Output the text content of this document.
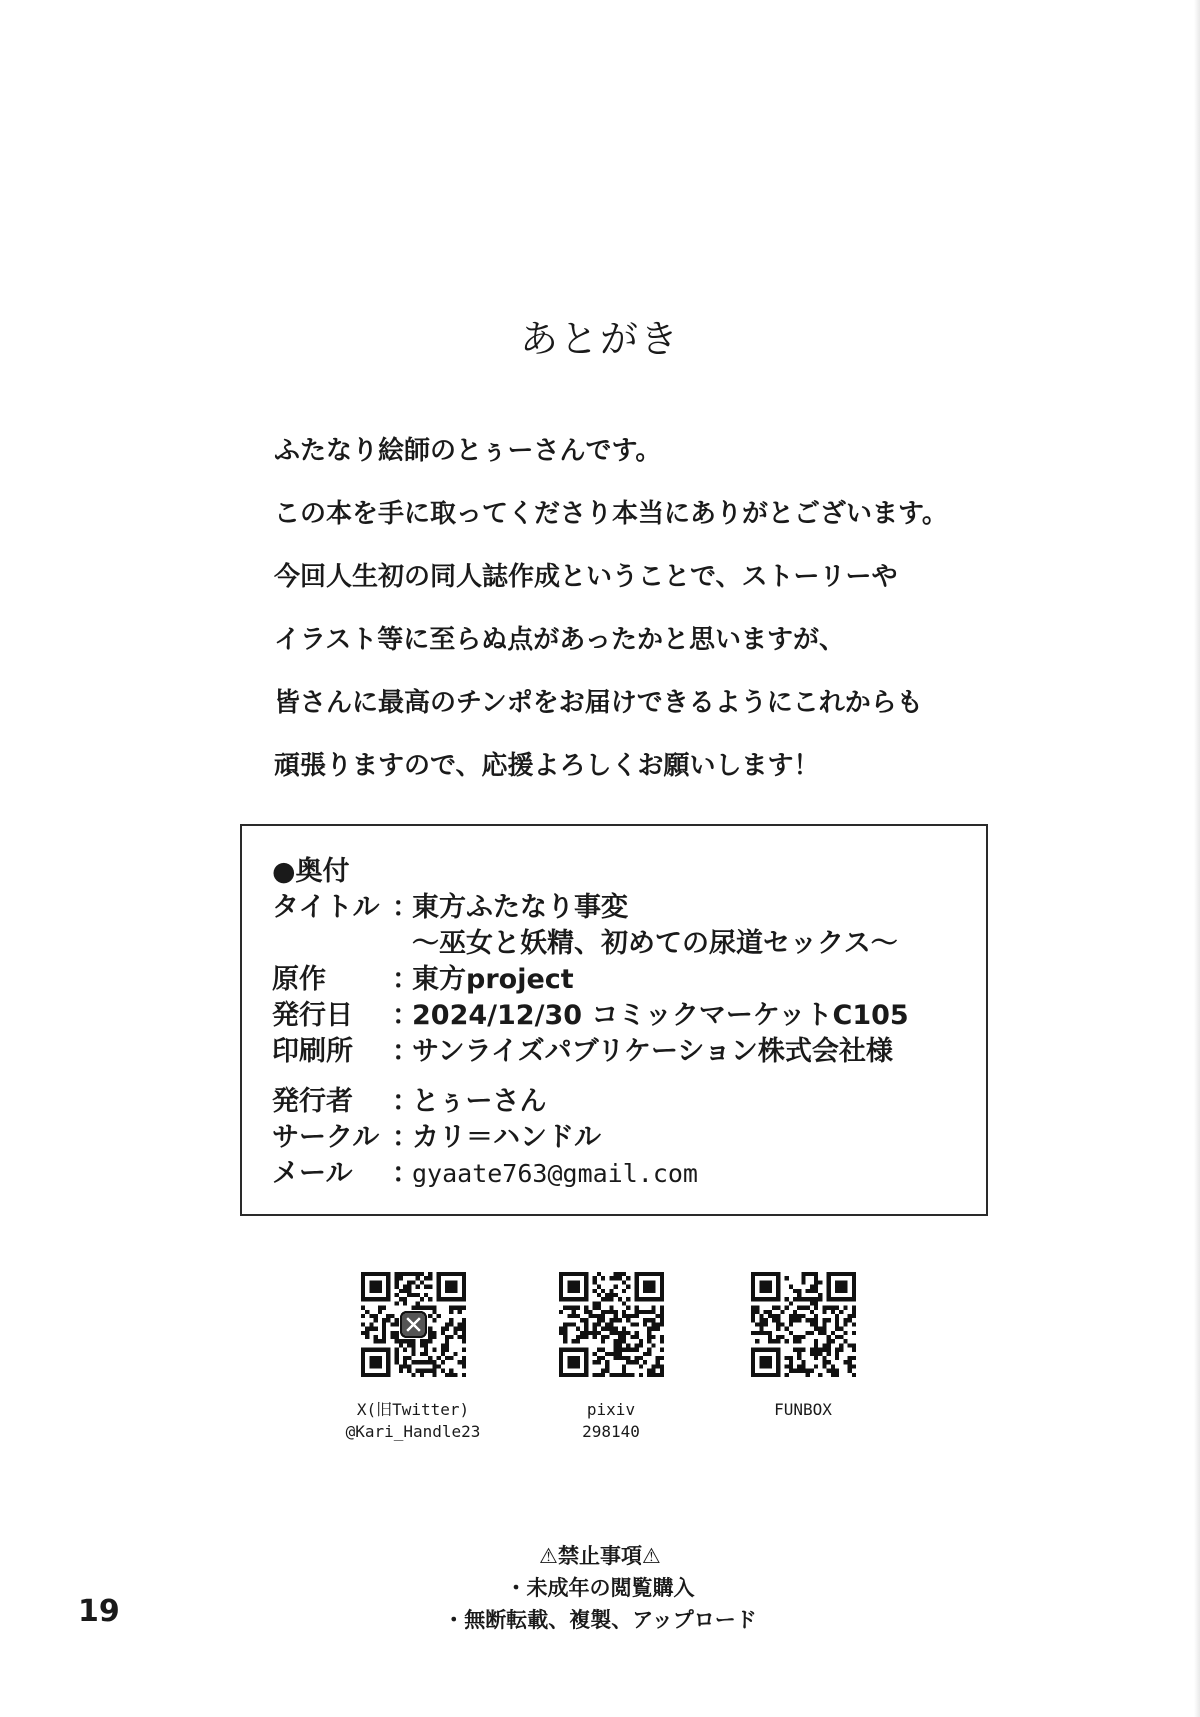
あとがき

ふたなり絵師のとぅーさんです。

この本を手に取ってくださり本当にありがとございます。

今回人生初の同人誌作成ということで、ストーリーや

イラスト等に至らぬ点があったかと思いますが、

皆さんに最高のチンポをお届けできるようにこれからも

頑張りますので、応援よろしくお願いします！

●奥付
タイトル ：
東方ふたなり事変
～巫女と妖精、初めての尿道セックス～
原作	：
東方project
発行日	：
2024/12/30 コミックマーケットC105
印刷所	：
サンライズパブリケーション株式会社様
発行者	：
とぅーさん
サークル ：
カリ＝ハンドル
メール	：
gyaate763@gmail.com
X(旧Twitter)
@Kari_Handle23
pixiv
298140
FUNBOX
⚠禁止事項⚠
・未成年の閲覧購入
・無断転載、複製、アップロード
19
